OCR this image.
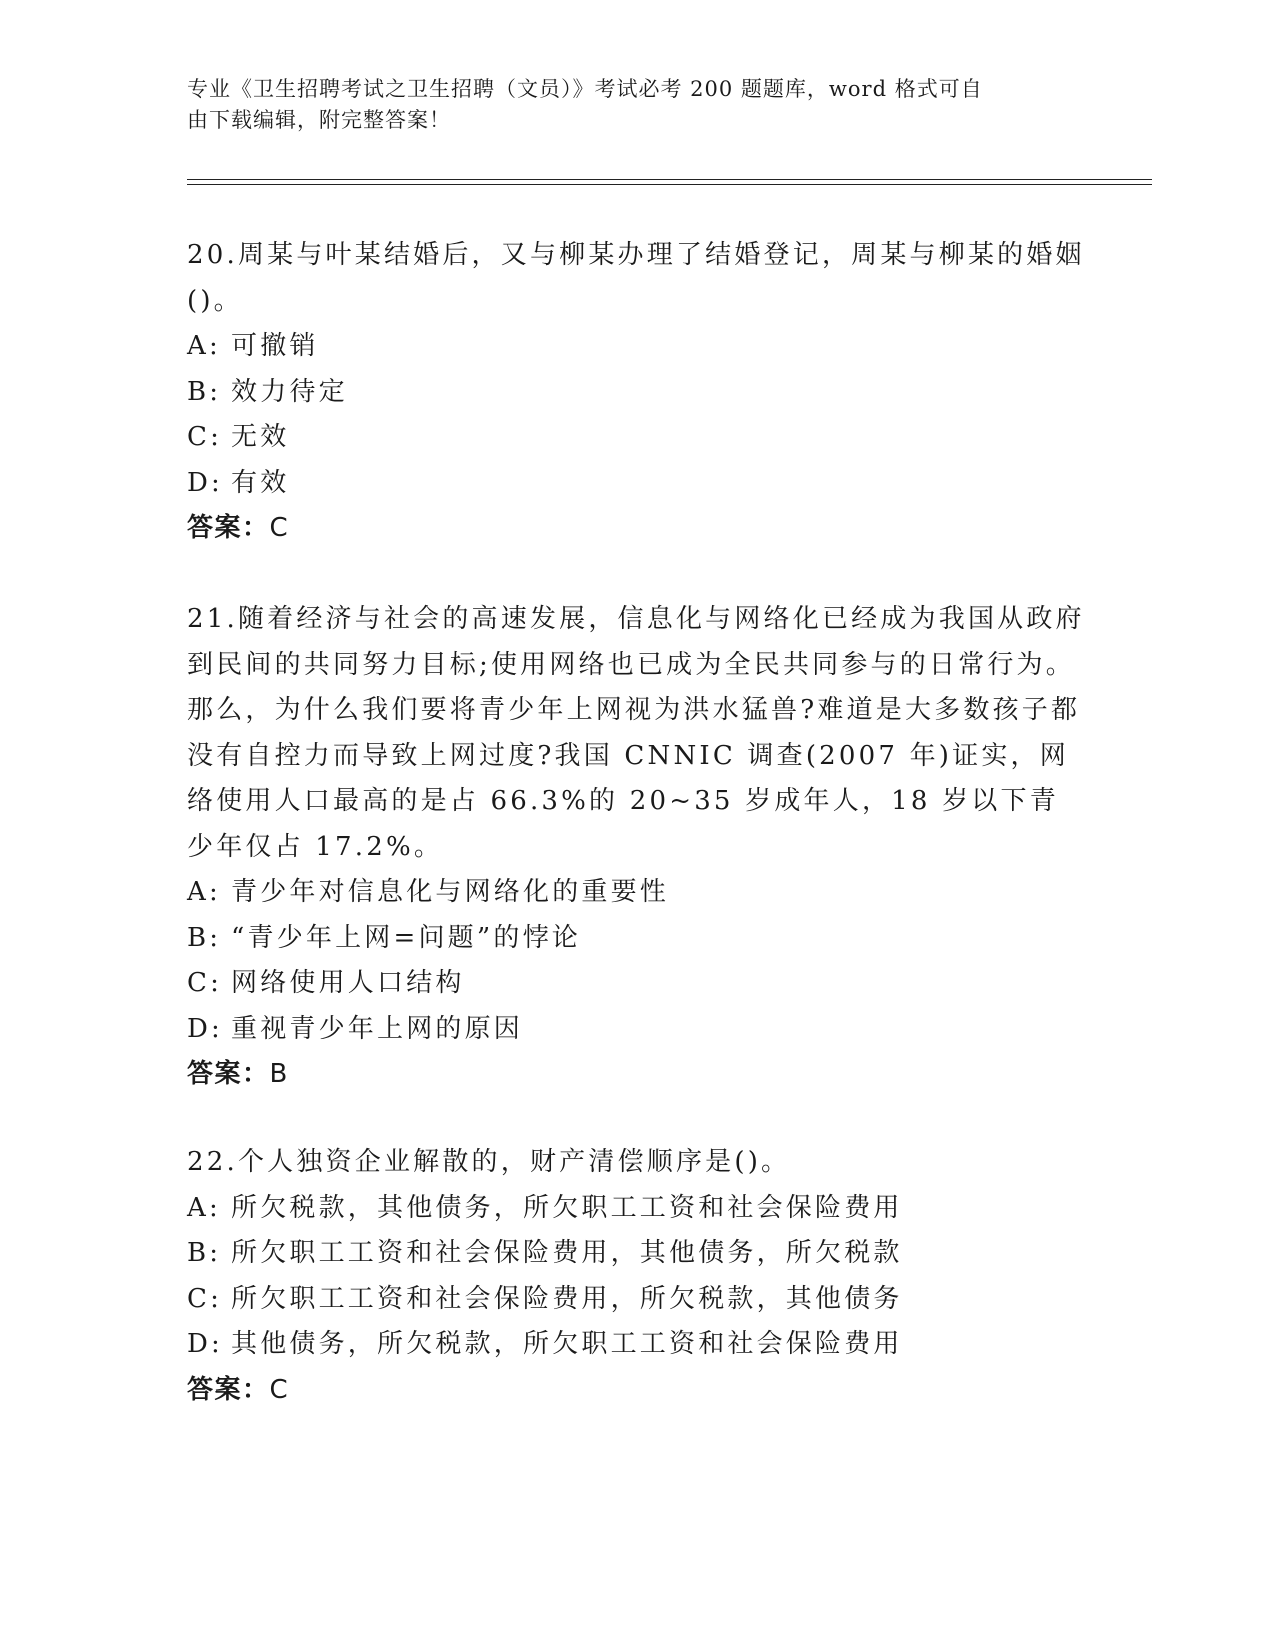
专业《卫生招聘考试之卫生招聘（文员）》考试必考 200 题题库，word 格式可自
由下载编辑，附完整答案！

20.周某与叶某结婚后，又与柳某办理了结婚登记，周某与柳某的婚姻()。

A: 可撤销

B: 效力待定

C: 无效

D: 有效

答案：C

21.随着经济与社会的高速发展，信息化与网络化已经成为我国从政府到民间的共同努力目标;使用网络也已成为全民共同参与的日常行为。那么，为什么我们要将青少年上网视为洪水猛兽?难道是大多数孩子都没有自控力而导致上网过度?我国 CNNIC 调查(2007 年)证实，网络使用人口最高的是占 66.3%的 20~35 岁成年人，18 岁以下青少年仅占 17.2%。

A: 青少年对信息化与网络化的重要性

B: “青少年上网=问题”的悖论

C: 网络使用人口结构

D: 重视青少年上网的原因

答案：B

22.个人独资企业解散的，财产清偿顺序是()。

A: 所欠税款，其他债务，所欠职工工资和社会保险费用

B: 所欠职工工资和社会保险费用，其他债务，所欠税款

C: 所欠职工工资和社会保险费用，所欠税款，其他债务

D: 其他债务，所欠税款，所欠职工工资和社会保险费用

答案：C
